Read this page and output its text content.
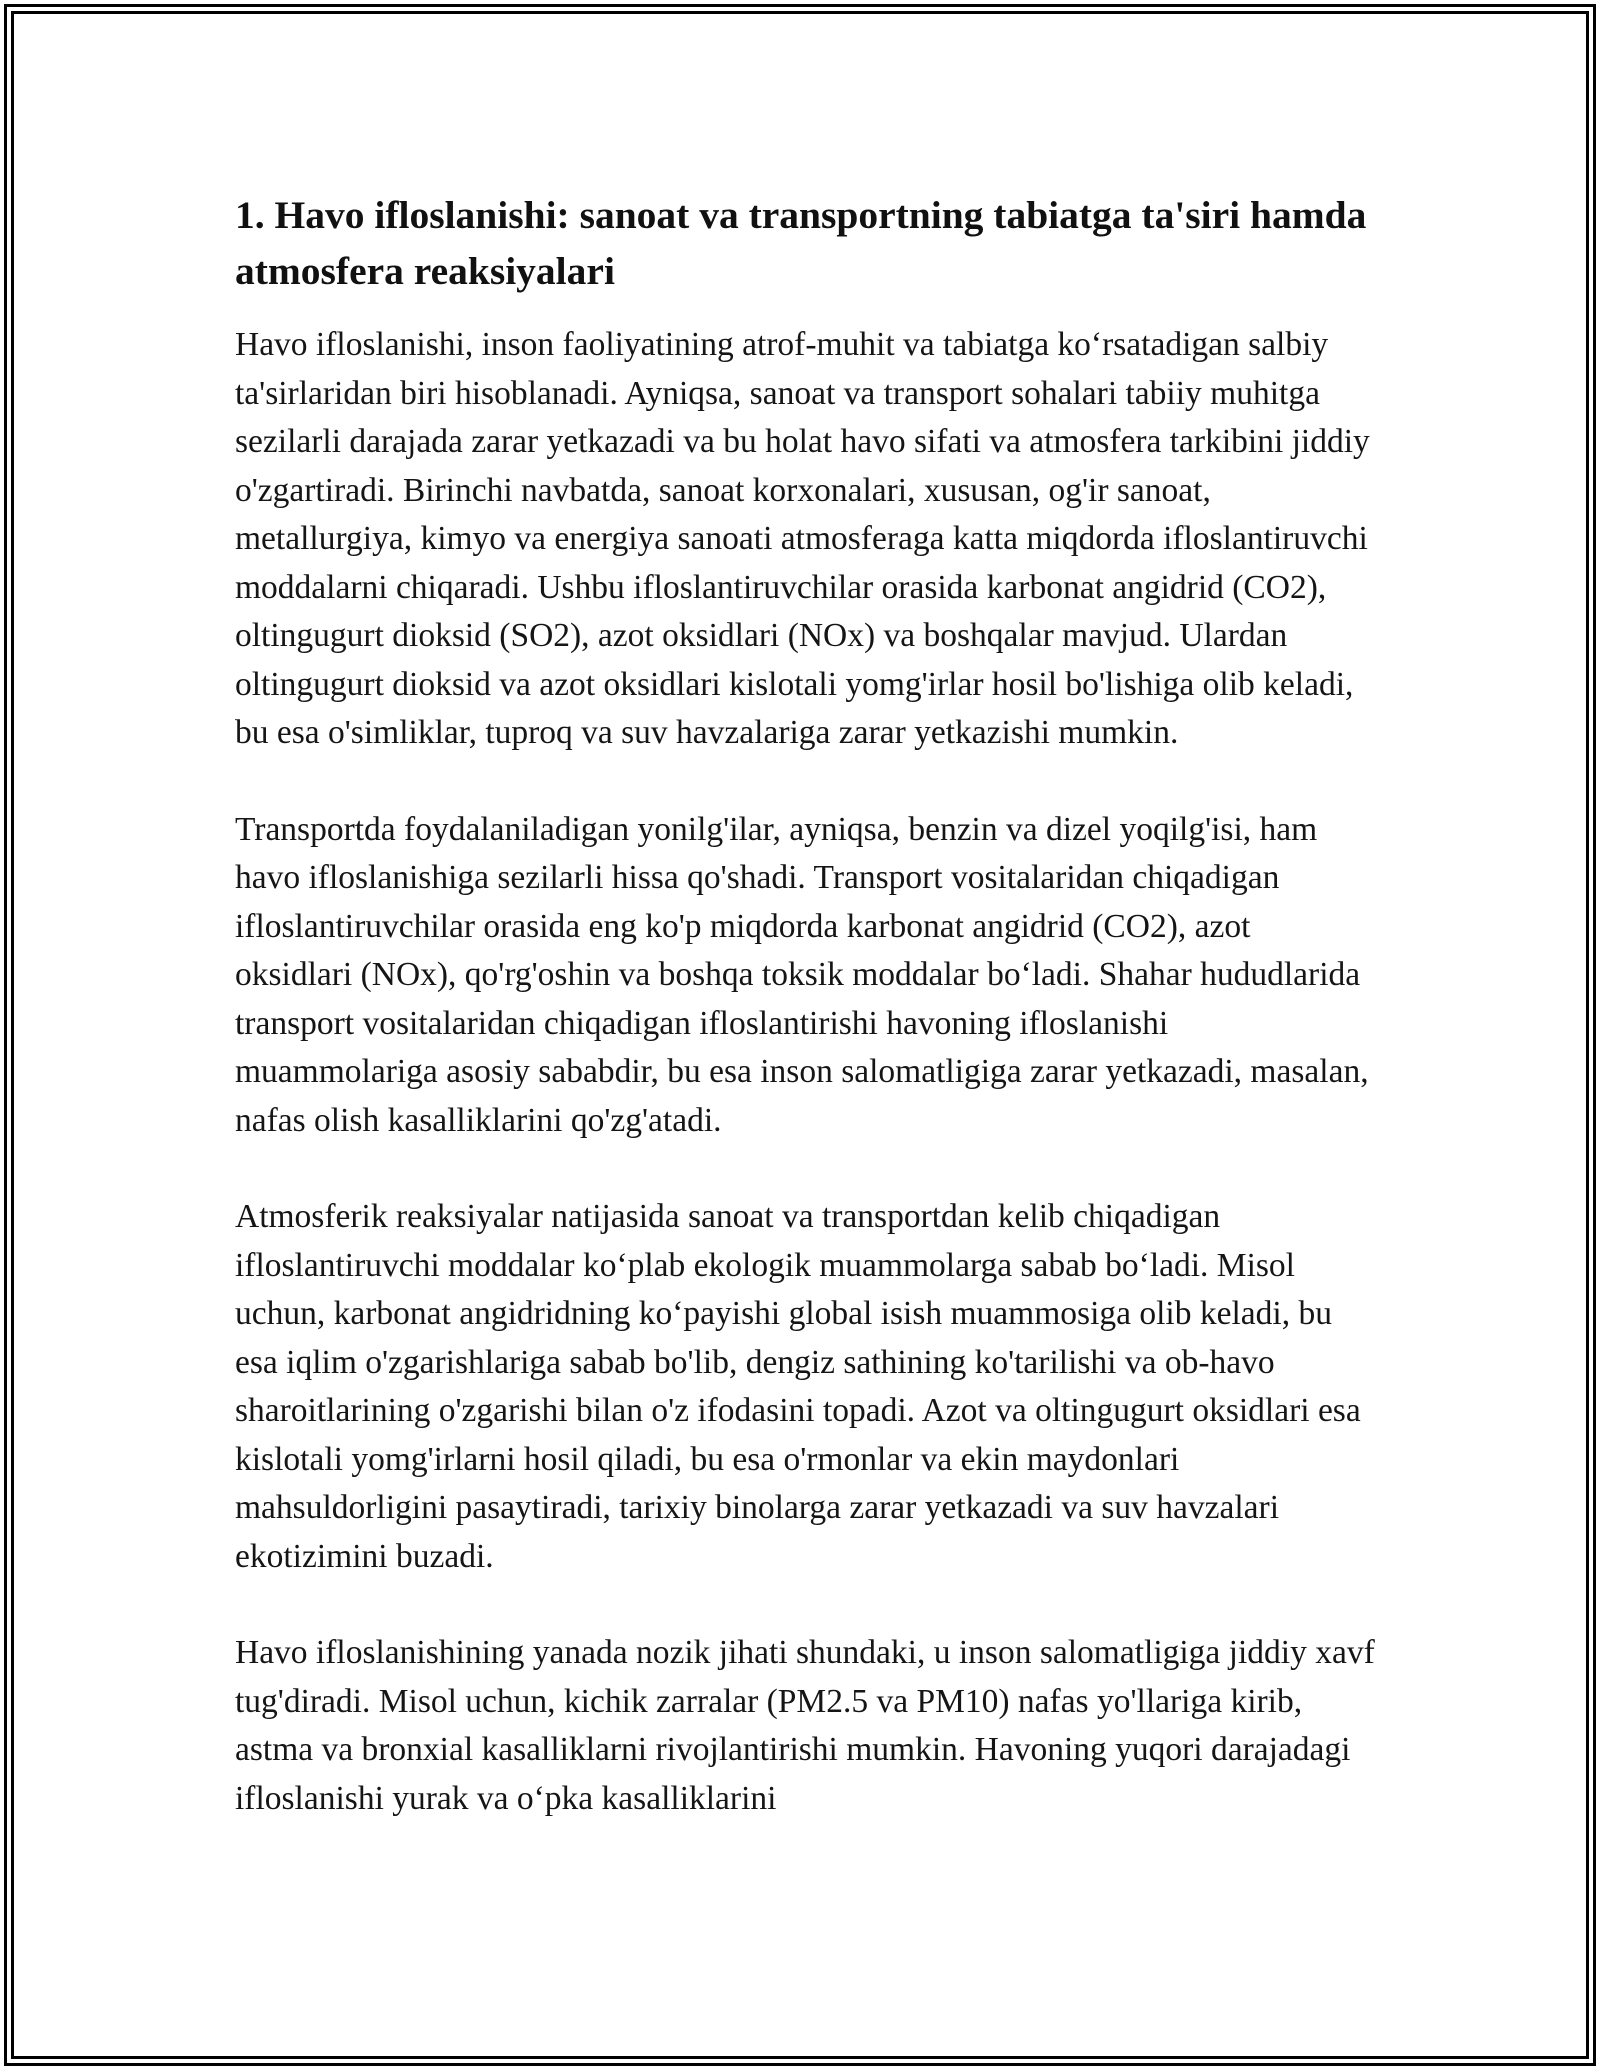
1. Havo ifloslanishi: sanoat va transportning tabiatga ta'siri hamda atmosfera reaksiyalari

Havo ifloslanishi, inson faoliyatining atrof-muhit va tabiatga koʻrsatadigan salbiy ta'sirlaridan biri hisoblanadi. Ayniqsa, sanoat va transport sohalari tabiiy muhitga sezilarli darajada zarar yetkazadi va bu holat havo sifati va atmosfera tarkibini jiddiy o'zgartiradi. Birinchi navbatda, sanoat korxonalari, xususan, og'ir sanoat, metallurgiya, kimyo va energiya sanoati atmosferaga katta miqdorda ifloslantiruvchi moddalarni chiqaradi. Ushbu ifloslantiruvchilar orasida karbonat angidrid (CO2), oltingugurt dioksid (SO2), azot oksidlari (NOx) va boshqalar mavjud. Ulardan oltingugurt dioksid va azot oksidlari kislotali yomg'irlar hosil bo'lishiga olib keladi, bu esa o'simliklar, tuproq va suv havzalariga zarar yetkazishi mumkin.

Transportda foydalaniladigan yonilg'ilar, ayniqsa, benzin va dizel yoqilg'isi, ham havo ifloslanishiga sezilarli hissa qo'shadi. Transport vositalaridan chiqadigan ifloslantiruvchilar orasida eng ko'p miqdorda karbonat angidrid (CO2), azot oksidlari (NOx), qo'rg'oshin va boshqa toksik moddalar boʻladi. Shahar hududlarida transport vositalaridan chiqadigan ifloslantirishi havoning ifloslanishi muammolariga asosiy sababdir, bu esa inson salomatligiga zarar yetkazadi, masalan, nafas olish kasalliklarini qo'zg'atadi.

Atmosferik reaksiyalar natijasida sanoat va transportdan kelib chiqadigan ifloslantiruvchi moddalar koʻplab ekologik muammolarga sabab boʻladi. Misol uchun, karbonat angidridning koʻpayishi global isish muammosiga olib keladi, bu esa iqlim o'zgarishlariga sabab bo'lib, dengiz sathining ko'tarilishi va ob-havo sharoitlarining o'zgarishi bilan o'z ifodasini topadi. Azot va oltingugurt oksidlari esa kislotali yomg'irlarni hosil qiladi, bu esa o'rmonlar va ekin maydonlari mahsuldorligini pasaytiradi, tarixiy binolarga zarar yetkazadi va suv havzalari ekotizimini buzadi.

Havo ifloslanishining yanada nozik jihati shundaki, u inson salomatligiga jiddiy xavf tug'diradi. Misol uchun, kichik zarralar (PM2.5 va PM10) nafas yo'llariga kirib, astma va bronxial kasalliklarni rivojlantirishi mumkin. Havoning yuqori darajadagi ifloslanishi yurak va oʻpka kasalliklarini
